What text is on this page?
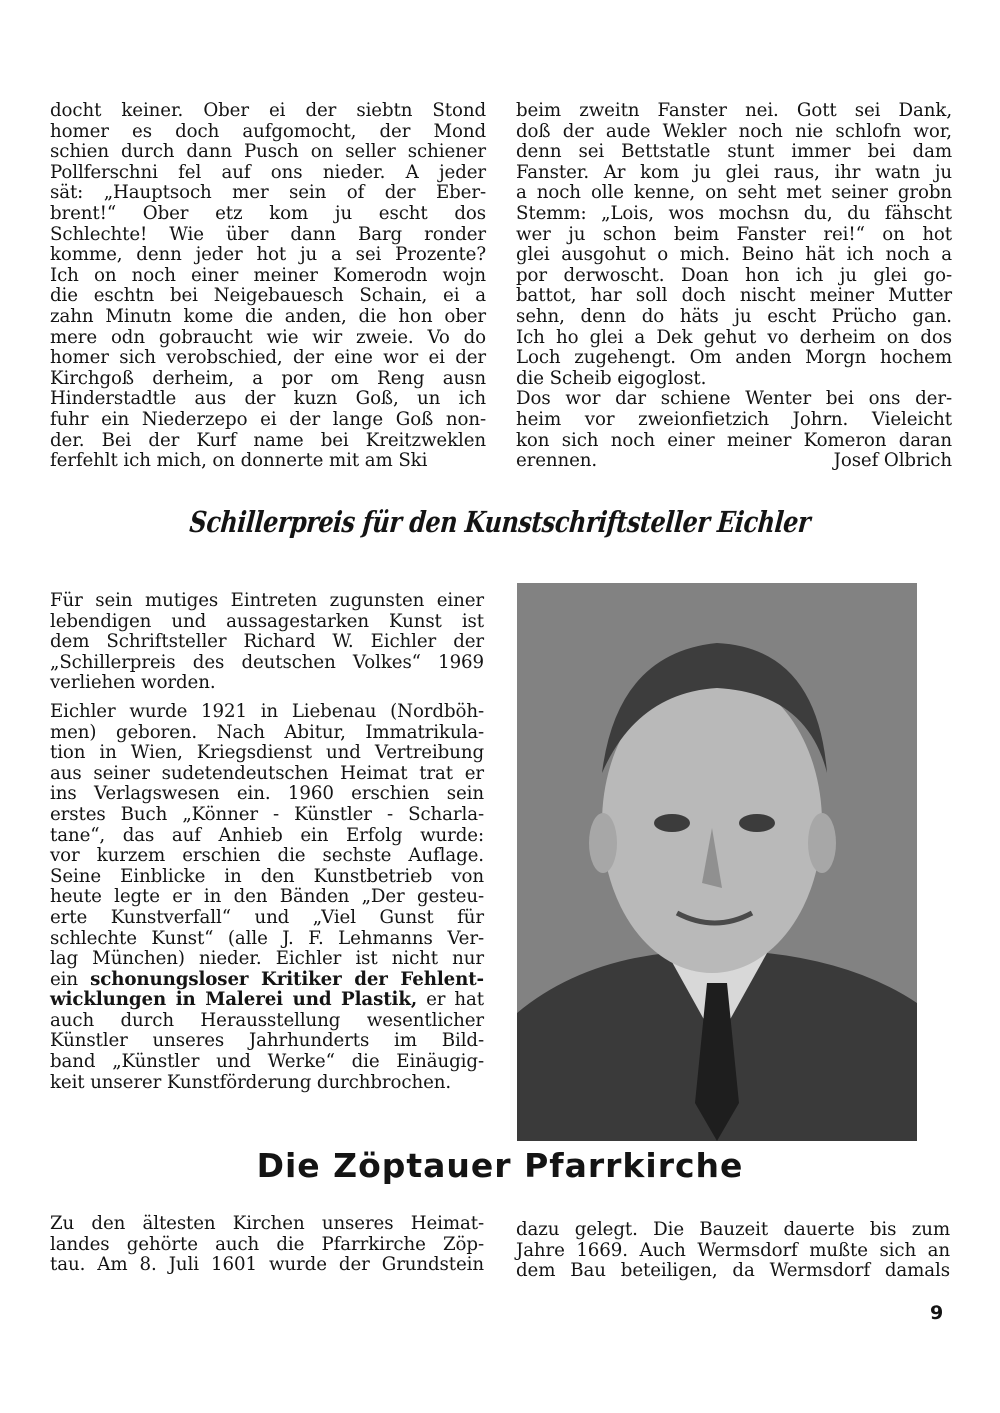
docht keiner. Ober ei der siebtn Stond
homer es doch aufgomocht, der Mond
schien durch dann Pusch on seller schiener
Pollferschni fel auf ons nieder. A jeder
sät: „Hauptsoch mer sein of der Eber-
brent!“ Ober etz kom ju escht dos
Schlechte! Wie über dann Barg ronder
komme, denn jeder hot ju a sei Prozente?
Ich on noch einer meiner Komerodn wojn
die eschtn bei Neigebauesch Schain, ei a
zahn Minutn kome die anden, die hon ober
mere odn gobraucht wie wir zweie. Vo do
homer sich verobschied, der eine wor ei der
Kirchgoß derheim, a por om Reng ausn
Hinderstadtle aus der kuzn Goß, un ich
fuhr ein Niederzepo ei der lange Goß non-
der. Bei der Kurf name bei Kreitzweklen
ferfehlt ich mich, on donnerte mit am Ski
beim zweitn Fanster nei. Gott sei Dank,
doß der aude Wekler noch nie schlofn wor,
denn sei Bettstatle stunt immer bei dam
Fanster. Ar kom ju glei raus, ihr watn ju
a noch olle kenne, on seht met seiner grobn
Stemm: „Lois, wos mochsn du, du fähscht
wer ju schon beim Fanster rei!“ on hot
glei ausgohut o mich. Beino hät ich noch a
por derwoscht. Doan hon ich ju glei go-
battot, har soll doch nischt meiner Mutter
sehn, denn do häts ju escht Prücho gan.
Ich ho glei a Dek gehut vo derheim on dos
Loch zugehengt. Om anden Morgn hochem
die Scheib eigoglost.
Dos wor dar schiene Wenter bei ons der-
heim vor zweionfietzich Johrn. Vieleicht
kon sich noch einer meiner Komeron daran
erennen.	Josef Olbrich
Schillerpreis für den Kunstschriftsteller Eichler

Für sein mutiges Eintreten zugunsten einer
lebendigen und aussagestarken Kunst ist
dem Schriftsteller Richard W. Eichler der
„Schillerpreis des deutschen Volkes“ 1969
verliehen worden.

Eichler wurde 1921 in Liebenau (Nordböh-
men) geboren. Nach Abitur, Immatrikula-
tion in Wien, Kriegsdienst und Vertreibung
aus seiner sudetendeutschen Heimat trat er
ins Verlagswesen ein. 1960 erschien sein
erstes Buch „Könner - Künstler - Scharla-
tane“, das auf Anhieb ein Erfolg wurde:
vor kurzem erschien die sechste Auflage.
Seine Einblicke in den Kunstbetrieb von
heute legte er in den Bänden „Der gesteu-
erte Kunstverfall“ und „Viel Gunst für
schlechte Kunst“ (alle J. F. Lehmanns Ver-
lag München) nieder. Eichler ist nicht nur
ein schonungsloser Kritiker der Fehlent-
wicklungen in Malerei und Plastik, er hat
auch durch Herausstellung wesentlicher
Künstler unseres Jahrhunderts im Bild-
band „Künstler und Werke“ die Einäugig-
keit unserer Kunstförderung durchbrochen.

Die Zöptauer Pfarrkirche
Zu den ältesten Kirchen unseres Heimat-
landes gehörte auch die Pfarrkirche Zöp-
tau. Am 8. Juli 1601 wurde der Grundstein
dazu gelegt. Die Bauzeit dauerte bis zum
Jahre 1669. Auch Wermsdorf mußte sich an
dem Bau beteiligen, da Wermsdorf damals
9
